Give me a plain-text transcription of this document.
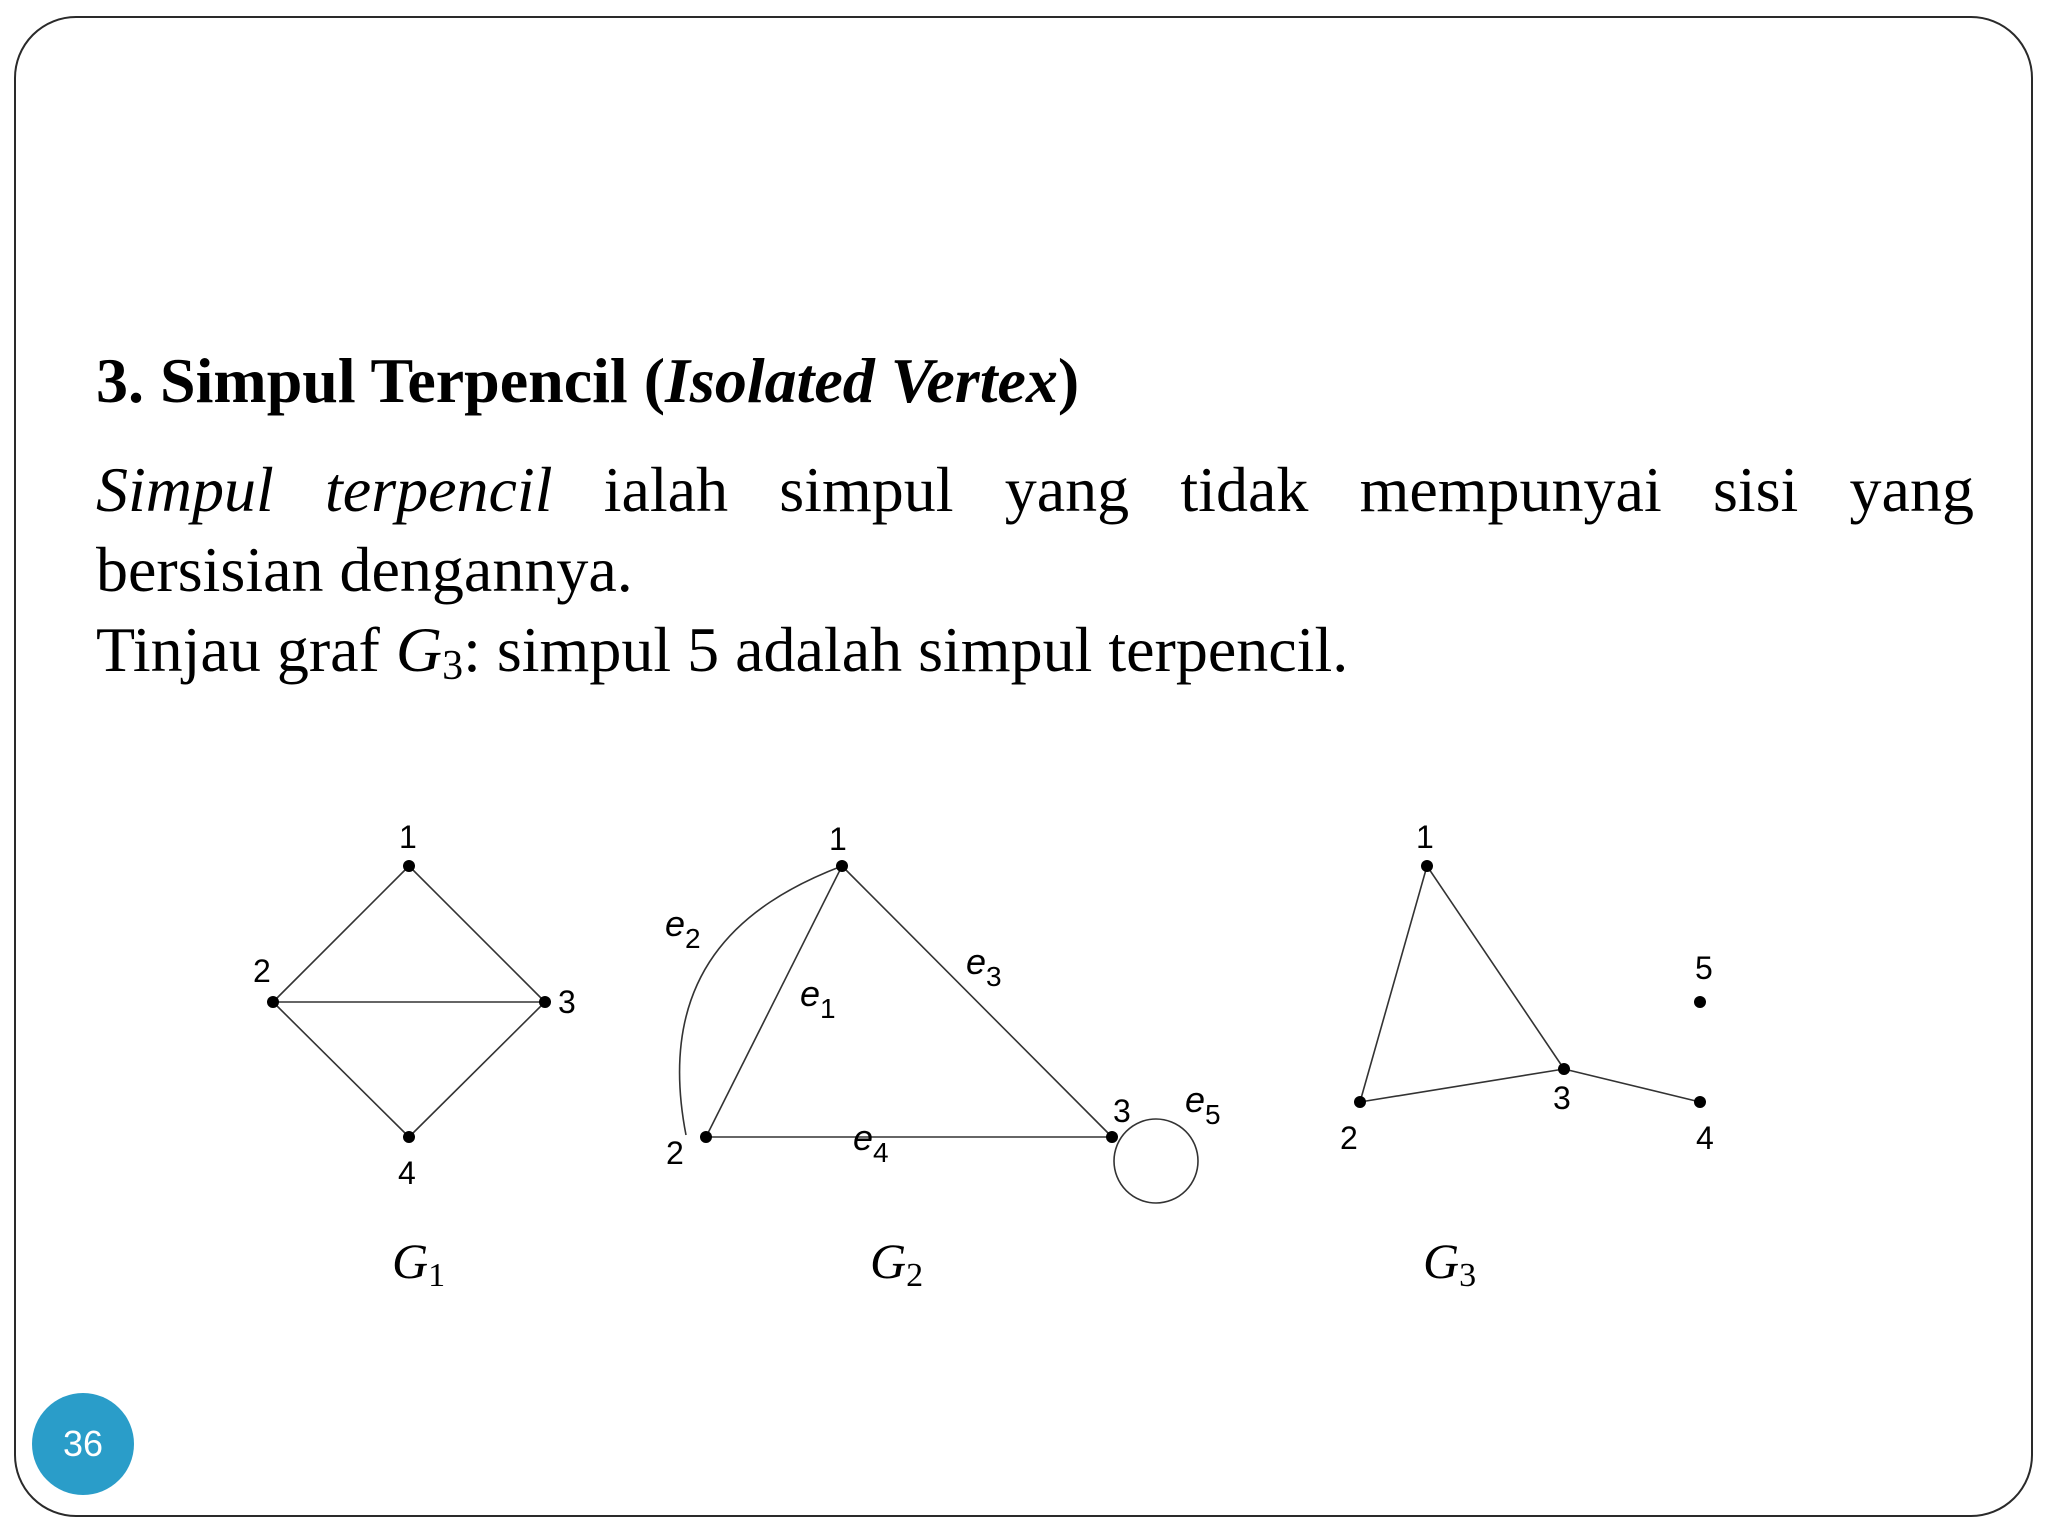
3. Simpul Terpencil (Isolated Vertex)
Simpul terpencil ialah simpul yang tidak mempunyai sisi yang
bersisian dengannya.
Tinjau graf $G_3$: simpul 5 adalah simpul terpencil.
1
2
3
4
G1
1
2
3
$e_2$
$e_1$
$e_3$
$e_4$
$e_5$
G2
1
2
3
4
5
G3
36
